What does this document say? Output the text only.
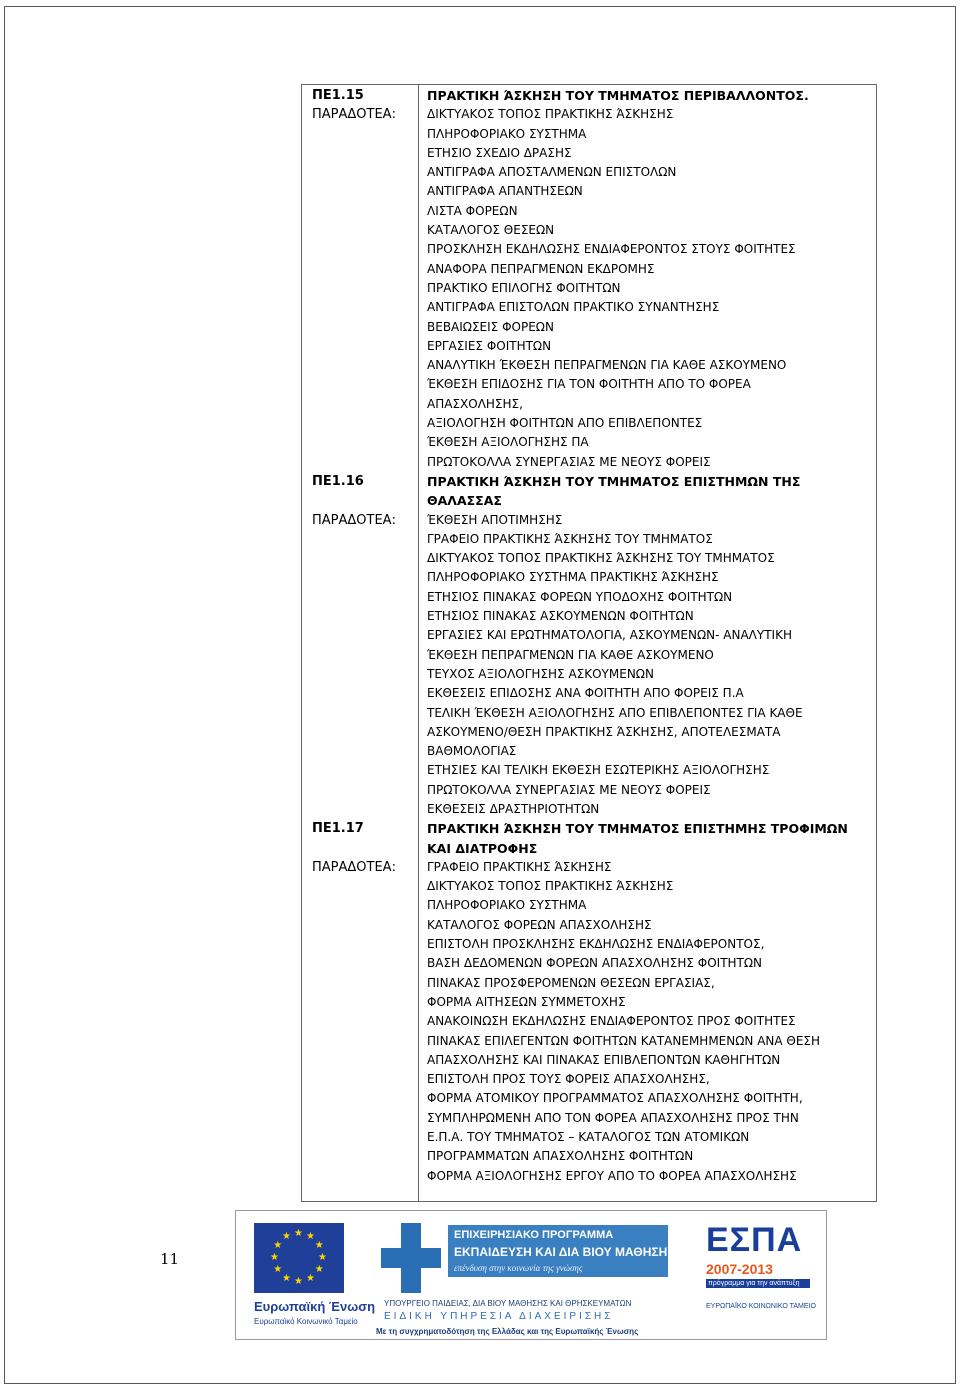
ΠΕ1.15	ΠΡΑΚΤΙΚΗ ΆΣΚΗΣΗ ΤΟΥ ΤΜΗΜΑΤΟΣ ΠΕΡΙΒΑΛΛΟΝΤΟΣ.
ΠΑΡΑΔΟΤΕΑ:	ΔΙΚΤΥΑΚΟΣ ΤΟΠΟΣ ΠΡΑΚΤΙΚΗΣ ΆΣΚΗΣΗΣ
ΠΛΗΡΟΦΟΡΙΑΚΟ ΣΥΣΤΗΜΑ
ΕΤΗΣΙΟ ΣΧΕΔΙΟ ΔΡΑΣΗΣ
ΑΝΤΙΓΡΑΦΑ ΑΠΟΣΤΑΛΜΕΝΩΝ ΕΠΙΣΤΟΛΩΝ
ΑΝΤΙΓΡΑΦΑ ΑΠΑΝΤΗΣΕΩΝ
ΛΙΣΤΑ ΦΟΡΕΩΝ
ΚΑΤΑΛΟΓΟΣ ΘΕΣΕΩΝ
ΠΡΟΣΚΛΗΣΗ ΕΚΔΗΛΩΣΗΣ ΕΝΔΙΑΦΕΡΟΝΤΟΣ ΣΤΟΥΣ ΦΟΙΤΗΤΕΣ
ΑΝΑΦΟΡΑ ΠΕΠΡΑΓΜΕΝΩΝ ΕΚΔΡΟΜΗΣ
ΠΡΑΚΤΙΚΟ ΕΠΙΛΟΓΗΣ ΦΟΙΤΗΤΩΝ
ΑΝΤΙΓΡΑΦΑ ΕΠΙΣΤΟΛΩΝ ΠΡΑΚΤΙΚΟ ΣΥΝΑΝΤΗΣΗΣ
ΒΕΒΑΙΩΣΕΙΣ ΦΟΡΕΩΝ
ΕΡΓΑΣΙΕΣ ΦΟΙΤΗΤΩΝ
ΑΝΑΛΥΤΙΚΗ ΈΚΘΕΣΗ ΠΕΠΡΑΓΜΕΝΩΝ ΓΙΑ ΚΑΘΕ ΑΣΚΟΥΜΕΝΟ
ΈΚΘΕΣΗ ΕΠΙΔΟΣΗΣ ΓΙΑ ΤΟΝ ΦΟΙΤΗΤΗ ΑΠΟ ΤΟ ΦΟΡΕΑ
ΑΠΑΣΧΟΛΗΣΗΣ,
ΑΞΙΟΛΟΓΗΣΗ ΦΟΙΤΗΤΩΝ ΑΠΟ ΕΠΙΒΛΕΠΟΝΤΕΣ
ΈΚΘΕΣΗ ΑΞΙΟΛΟΓΗΣΗΣ ΠΑ
ΠΡΩΤΟΚΟΛΛΑ ΣΥΝΕΡΓΑΣΙΑΣ ΜΕ ΝΕΟΥΣ ΦΟΡΕΙΣ
ΠΕ1.16	ΠΡΑΚΤΙΚΗ ΆΣΚΗΣΗ ΤΟΥ ΤΜΗΜΑΤΟΣ ΕΠΙΣΤΗΜΩΝ ΤΗΣ
ΘΑΛΑΣΣΑΣ
ΠΑΡΑΔΟΤΕΑ:	ΈΚΘΕΣΗ ΑΠΟΤΙΜΗΣΗΣ
ΓΡΑΦΕΙΟ ΠΡΑΚΤΙΚΗΣ ΆΣΚΗΣΗΣ ΤΟΥ ΤΜΗΜΑΤΟΣ
ΔΙΚΤΥΑΚΟΣ ΤΟΠΟΣ ΠΡΑΚΤΙΚΗΣ ΆΣΚΗΣΗΣ ΤΟΥ ΤΜΗΜΑΤΟΣ
ΠΛΗΡΟΦΟΡΙΑΚΟ ΣΥΣΤΗΜΑ ΠΡΑΚΤΙΚΗΣ ΆΣΚΗΣΗΣ
ΕΤΗΣΙΟΣ ΠΙΝΑΚΑΣ ΦΟΡΕΩΝ ΥΠΟΔΟΧΗΣ ΦΟΙΤΗΤΩΝ
ΕΤΗΣΙΟΣ ΠΙΝΑΚΑΣ ΑΣΚΟΥΜΕΝΩΝ ΦΟΙΤΗΤΩΝ
ΕΡΓΑΣΙΕΣ ΚΑΙ ΕΡΩΤΗΜΑΤΟΛΟΓΙΑ, ΑΣΚΟΥΜΕΝΩΝ- ΑΝΑΛΥΤΙΚΗ
ΈΚΘΕΣΗ ΠΕΠΡΑΓΜΕΝΩΝ ΓΙΑ ΚΑΘΕ ΑΣΚΟΥΜΕΝΟ
ΤΕΥΧΟΣ ΑΞΙΟΛΟΓΗΣΗΣ ΑΣΚΟΥΜΕΝΩΝ
ΕΚΘΕΣΕΙΣ ΕΠΙΔΟΣΗΣ ΑΝΑ ΦΟΙΤΗΤΗ ΑΠΟ ΦΟΡΕΙΣ Π.Α
ΤΕΛΙΚΗ ΈΚΘΕΣΗ ΑΞΙΟΛΟΓΗΣΗΣ ΑΠΟ ΕΠΙΒΛΕΠΟΝΤΕΣ ΓΙΑ ΚΑΘΕ
ΑΣΚΟΥΜΕΝΟ/ΘΕΣΗ ΠΡΑΚΤΙΚΗΣ ΆΣΚΗΣΗΣ, ΑΠΟΤΕΛΕΣΜΑΤΑ
ΒΑΘΜΟΛΟΓΙΑΣ
ΕΤΗΣΙΕΣ ΚΑΙ ΤΕΛΙΚΗ ΕΚΘΕΣΗ ΕΣΩΤΕΡΙΚΗΣ ΑΞΙΟΛΟΓΗΣΗΣ
ΠΡΩΤΟΚΟΛΛΑ ΣΥΝΕΡΓΑΣΙΑΣ ΜΕ ΝΕΟΥΣ ΦΟΡΕΙΣ
ΕΚΘΕΣΕΙΣ ΔΡΑΣΤΗΡΙΟΤΗΤΩΝ
ΠΕ1.17	ΠΡΑΚΤΙΚΗ ΆΣΚΗΣΗ ΤΟΥ ΤΜΗΜΑΤΟΣ ΕΠΙΣΤΗΜΗΣ ΤΡΟΦΙΜΩΝ
ΚΑΙ ΔΙΑΤΡΟΦΗΣ
ΠΑΡΑΔΟΤΕΑ:	ΓΡΑΦΕΙΟ ΠΡΑΚΤΙΚΗΣ ΆΣΚΗΣΗΣ
ΔΙΚΤΥΑΚΟΣ ΤΟΠΟΣ ΠΡΑΚΤΙΚΗΣ ΆΣΚΗΣΗΣ
ΠΛΗΡΟΦΟΡΙΑΚΟ ΣΥΣΤΗΜΑ
ΚΑΤΑΛΟΓΟΣ ΦΟΡΕΩΝ ΑΠΑΣΧΟΛΗΣΗΣ
ΕΠΙΣΤΟΛΗ ΠΡΟΣΚΛΗΣΗΣ ΕΚΔΗΛΩΣΗΣ ΕΝΔΙΑΦΕΡΟΝΤΟΣ,
ΒΑΣΗ ΔΕΔΟΜΕΝΩΝ ΦΟΡΕΩΝ ΑΠΑΣΧΟΛΗΣΗΣ ΦΟΙΤΗΤΩΝ
ΠΙΝΑΚΑΣ ΠΡΟΣΦΕΡΟΜΕΝΩΝ ΘΕΣΕΩΝ ΕΡΓΑΣΙΑΣ,
ΦΟΡΜΑ ΑΙΤΗΣΕΩΝ ΣΥΜΜΕΤΟΧΗΣ
ΑΝΑΚΟΙΝΩΣΗ ΕΚΔΗΛΩΣΗΣ ΕΝΔΙΑΦΕΡΟΝΤΟΣ ΠΡΟΣ ΦΟΙΤΗΤΕΣ
ΠΙΝΑΚΑΣ ΕΠΙΛΕΓΕΝΤΩΝ ΦΟΙΤΗΤΩΝ ΚΑΤΑΝΕΜΗΜΕΝΩΝ ΑΝΑ ΘΕΣΗ
ΑΠΑΣΧΟΛΗΣΗΣ ΚΑΙ ΠΙΝΑΚΑΣ ΕΠΙΒΛΕΠΟΝΤΩΝ ΚΑΘΗΓΗΤΩΝ
ΕΠΙΣΤΟΛΗ ΠΡΟΣ ΤΟΥΣ ΦΟΡΕΙΣ ΑΠΑΣΧΟΛΗΣΗΣ,
ΦΟΡΜΑ ΑΤΟΜΙΚΟΥ ΠΡΟΓΡΑΜΜΑΤΟΣ ΑΠΑΣΧΟΛΗΣΗΣ ΦΟΙΤΗΤΗ,
ΣΥΜΠΛΗΡΩΜΕΝΗ ΑΠΟ ΤΟΝ ΦΟΡΕΑ ΑΠΑΣΧΟΛΗΣΗΣ ΠΡΟΣ ΤΗΝ
Ε.Π.Α. ΤΟΥ ΤΜΗΜΑΤΟΣ – ΚΑΤΑΛΟΓΟΣ ΤΩΝ ΑΤΟΜΙΚΩΝ
ΠΡΟΓΡΑΜΜΑΤΩΝ ΑΠΑΣΧΟΛΗΣΗΣ ΦΟΙΤΗΤΩΝ
ΦΟΡΜΑ ΑΞΙΟΛΟΓΗΣΗΣ ΕΡΓΟΥ ΑΠΟ ΤΟ ΦΟΡΕΑ ΑΠΑΣΧΟΛΗΣΗΣ
11	★
★
★
★
★
★
★
★
★ ★ ★
★
Ευρωπαϊκή Ένωση
Ευρωπαϊκό Κοινωνικό Ταμείο
ΕΠΙΧΕΙΡΗΣΙΑΚΟ ΠΡΟΓΡΑΜΜΑ
ΕΚΠΑΙΔΕΥΣΗ ΚΑΙ ΔΙΑ ΒΙΟΥ ΜΑΘΗΣΗ
επένδυση στην κοινωνία της γνώσης
ΥΠΟΥΡΓΕΙΟ ΠΑΙΔΕΙΑΣ, ΔΙΑ ΒΙΟΥ ΜΑΘΗΣΗΣ ΚΑΙ ΘΡΗΣΚΕΥΜΑΤΩΝ
ΕΙΔΙΚΗ ΥΠΗΡΕΣΙΑ ΔΙΑΧΕΙΡΙΣΗΣ
Με τη συγχρηματοδότηση της Ελλάδας και της Ευρωπαϊκής Ένωσης
ΕΣΠΑ
2007-2013
πρόγραμμα για την ανάπτυξη
ΕΥΡΩΠΑΪΚΟ ΚΟΙΝΩΝΙΚΟ ΤΑΜΕΙΟ
